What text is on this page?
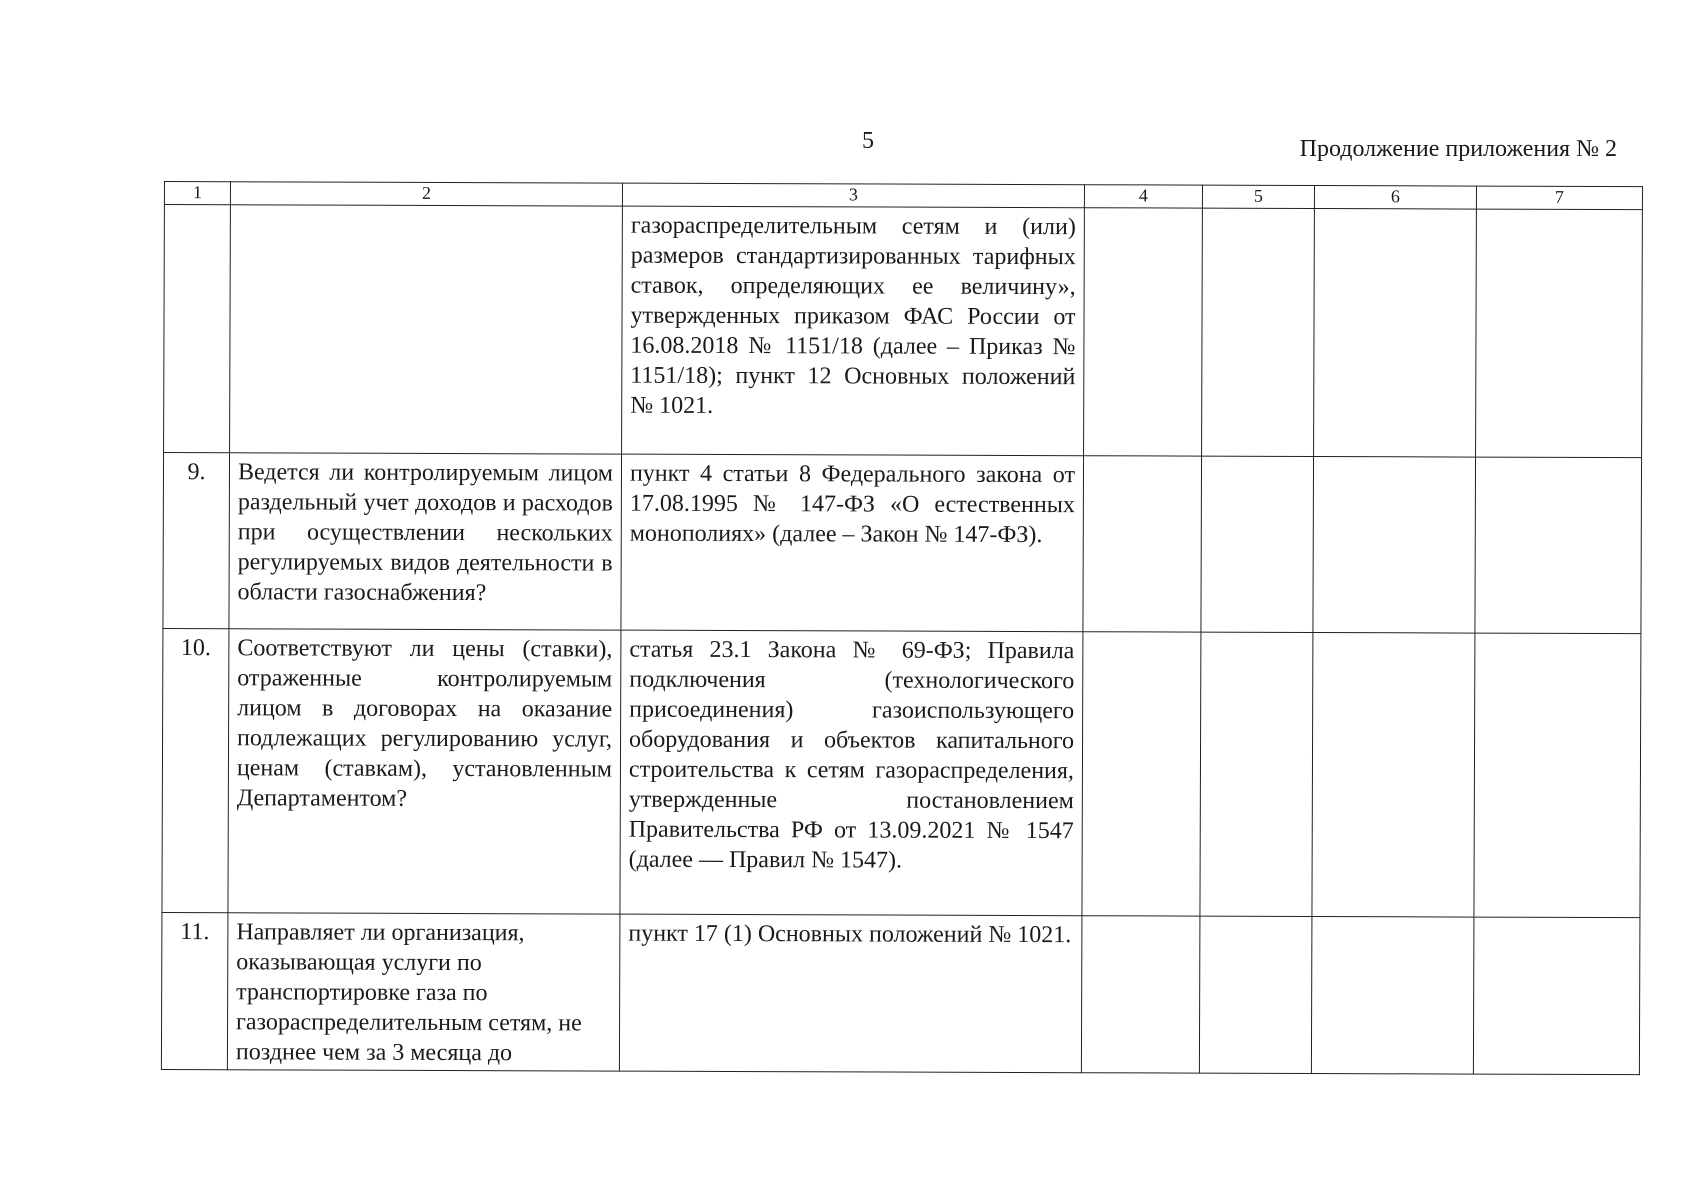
5	Продолжение приложения № 2
1	2	3	4	5	6	7
		газораспределительным сетям и (или) размеров стандартизированных тарифных ставок, определяющих ее величину», утвержденных приказом ФАС России от 16.08.2018 № 1151/18 (далее – Приказ № 1151/18); пункт 12 Основных положений № 1021.				
9.	Ведется ли контролируемым лицом раздельный учет доходов и расходов при осуществлении нескольких регулируемых видов деятельности в области газоснабжения?	пункт 4 статьи 8 Федерального закона от 17.08.1995 № 147-ФЗ «О естественных монополиях» (далее – Закон № 147-ФЗ).				
10.	Соответствуют ли цены (ставки), отраженные контролируемым лицом в договорах на оказание подлежащих регулированию услуг, ценам (ставкам), установленным Департаментом?	статья 23.1 Закона № 69-ФЗ; Правила подключения (технологического присоединения) газоиспользующего оборудования и объектов капитального строительства к сетям газораспределения, утвержденные постановлением Правительства РФ от 13.09.2021 № 1547 (далее — Правил № 1547).				
11.	Направляет ли организация, оказывающая услуги по транспортировке газа по газораспределительным сетям, не позднее чем за 3 месяца до	пункт 17 (1) Основных положений № 1021.				
